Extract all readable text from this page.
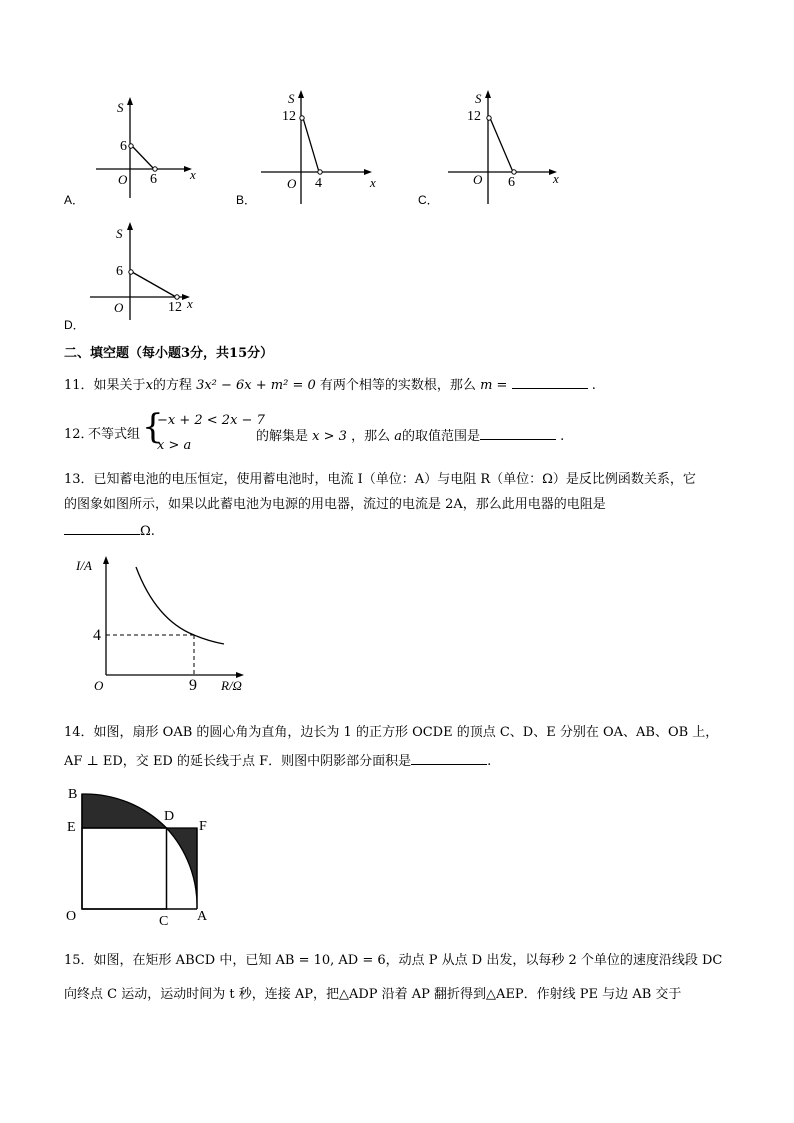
S
x
O
6
6
A．
S
x
O
12
4
B．
S
x
O
12
6
C．
S
x
O
6
12
D．
二、填空题（每小题3分，共15分）
11．如果关于x的方程 3x² − 6x + m² = 0 有两个相等的实数根，那么 m =	.
12．
不等式组 {
−x + 2 < 2x − 7
x > a
的解集是 x > 3 ，那么 a的取值范围是	.
13．已知蓄电池的电压恒定，使用蓄电池时，电流 I（单位：A）与电阻 R（单位：Ω）是反比例函数关系，它
的图象如图所示，如果以此蓄电池为电源的用电器，流过的电流是 2A，那么此用电器的电阻是
Ω.
I/A
R/Ω
O
4
9
14．如图，扇形 OAB 的圆心角为直角，边长为 1 的正方形 OCDE 的顶点 C、D、E 分别在 OA、AB、OB 上，
AF ⊥ ED，交 ED 的延长线于点 F．则图中阴影部分面积是	.
B
E
D
F
O	C A
15．如图，在矩形 ABCD 中，已知 AB = 10, AD = 6，动点 P 从点 D 出发，以每秒 2 个单位的速度沿线段 DC
向终点 C 运动，运动时间为 t 秒，连接 AP，把△ADP 沿着 AP 翻折得到△AEP．作射线 PE 与边 AB 交于
